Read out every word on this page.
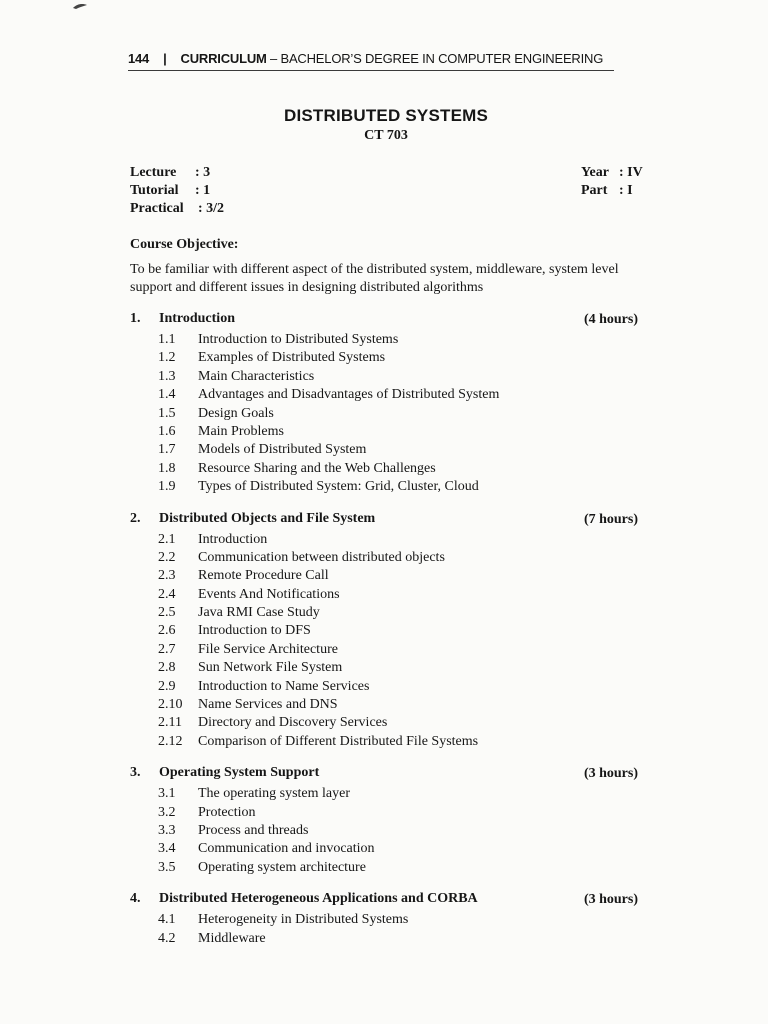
144 | CURRICULUM – BACHELOR’S DEGREE IN COMPUTER ENGINEERING
DISTRIBUTED SYSTEMS
CT 703
Lecture : 3
Tutorial : 1
Practical : 3/2
Year : IV
Part : I
Course Objective:
To be familiar with different aspect of the distributed system, middleware, system level support and different issues in designing distributed algorithms
1. Introduction	(4 hours)
1.1 Introduction to Distributed Systems
1.2 Examples of Distributed Systems
1.3 Main Characteristics
1.4 Advantages and Disadvantages of Distributed System
1.5 Design Goals
1.6 Main Problems
1.7 Models of Distributed System
1.8 Resource Sharing and the Web Challenges
1.9 Types of Distributed System: Grid, Cluster, Cloud
2. Distributed Objects and File System	(7 hours)
2.1 Introduction
2.2 Communication between distributed objects
2.3 Remote Procedure Call
2.4 Events And Notifications
2.5 Java RMI Case Study
2.6 Introduction to DFS
2.7 File Service Architecture
2.8 Sun Network File System
2.9 Introduction to Name Services
2.10 Name Services and DNS
2.11 Directory and Discovery Services
2.12 Comparison of Different Distributed File Systems
3. Operating System Support	(3 hours)
3.1 The operating system layer
3.2 Protection
3.3 Process and threads
3.4 Communication and invocation
3.5 Operating system architecture
4. Distributed Heterogeneous Applications and CORBA	(3 hours)
4.1 Heterogeneity in Distributed Systems
4.2 Middleware
